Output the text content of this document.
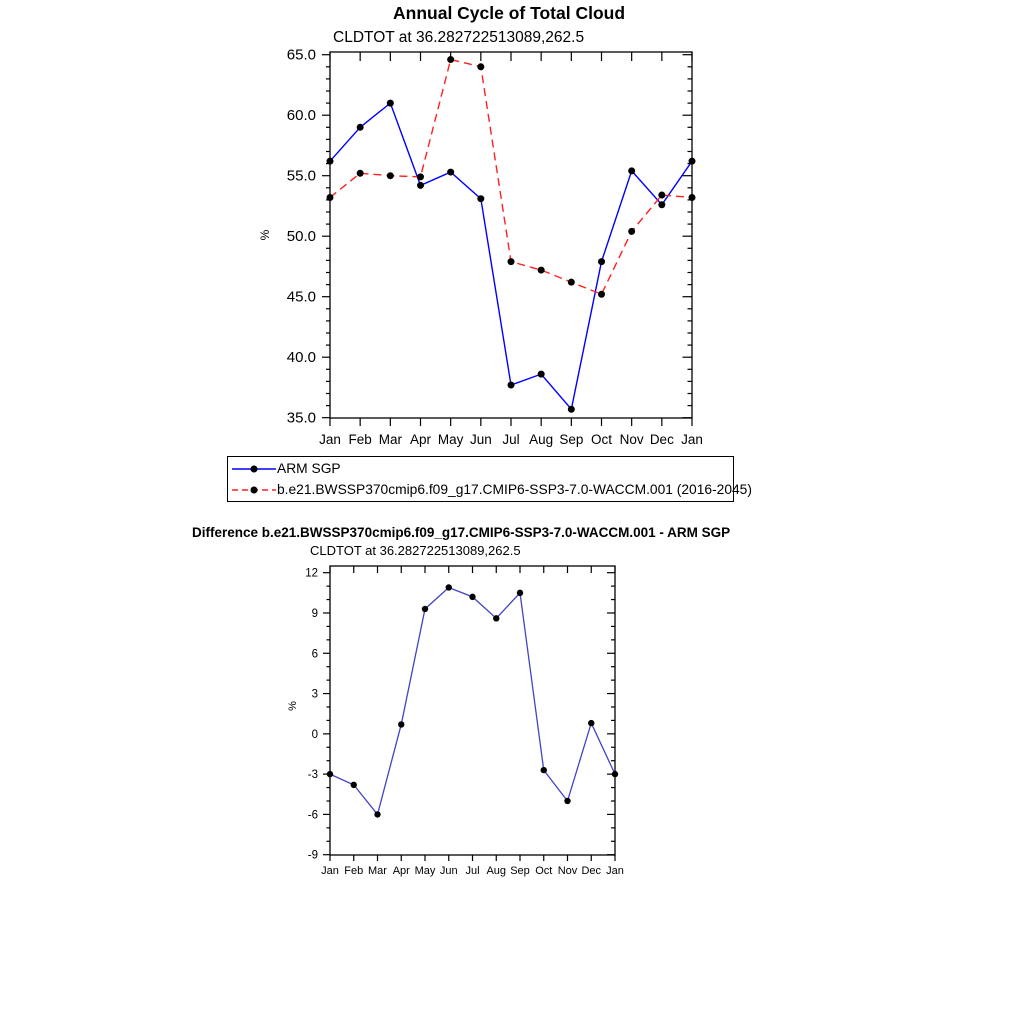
35.0
40.0
45.0
50.0
55.0
60.0
65.0
Jan Feb Mar Apr May Jun Jul Aug Sep Oct Nov Dec Jan
%
-9
-6
-3
0
3
6
9
12
Jan Feb Mar Apr May Jun Jul Aug Sep Oct Nov Dec Jan
%
Annual Cycle of Total Cloud
CLDTOT at 36.282722513089,262.5
ARM SGP
b.e21.BWSSP370cmip6.f09_g17.CMIP6-SSP3-7.0-WACCM.001 (2016-2045)
Difference b.e21.BWSSP370cmip6.f09_g17.CMIP6-SSP3-7.0-WACCM.001 - ARM SGP
CLDTOT at 36.282722513089,262.5
